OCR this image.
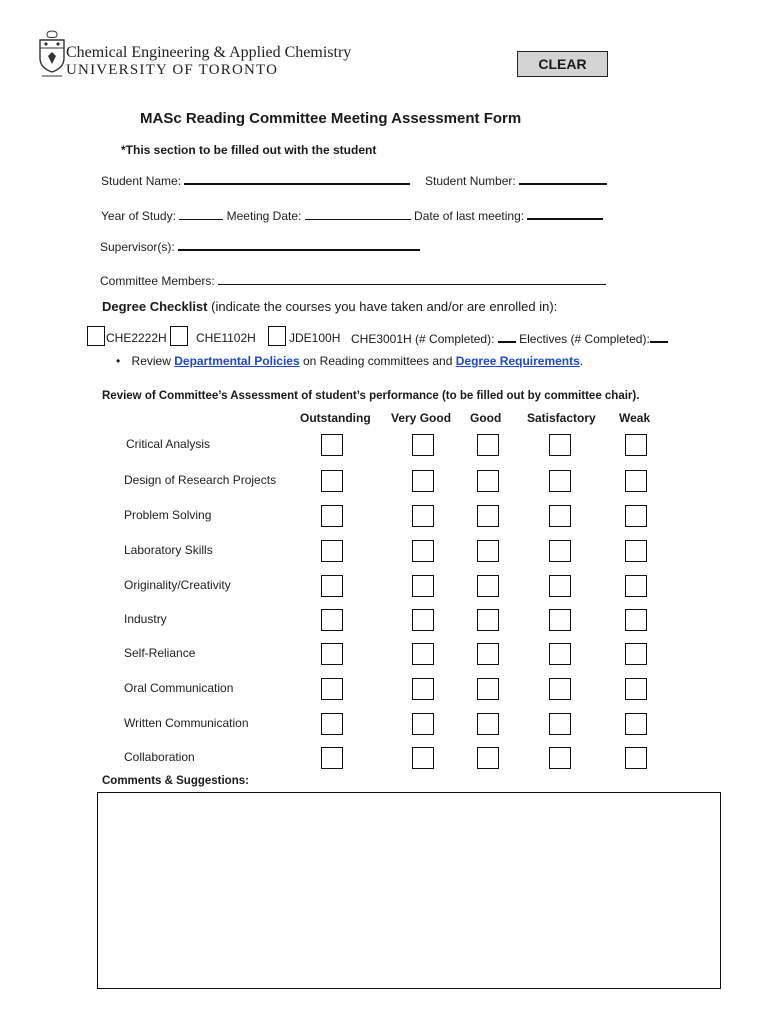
Chemical Engineering & Applied Chemistry
UNIVERSITY OF TORONTO	CLEAR
MASc Reading Committee Meeting Assessment Form
*This section to be filled out with the student
Student Name:	Student Number:
Year of Study:	Meeting Date:	Date of last meeting:
Supervisor(s):
Committee Members:
Degree Checklist (indicate the courses you have taken and/or are enrolled in):
CHE2222H CHE1102H	JDE100H CHE3001H (# Completed): Electives (# Completed):
• Review Departmental Policies on Reading committees and Degree Requirements.
Review of Committee’s Assessment of student’s performance (to be filled out by committee chair).
Outstanding Very Good Good Satisfactory Weak
Critical Analysis
Design of Research Projects
Problem Solving
Laboratory Skills
Originality/Creativity
Industry
Self-Reliance
Oral Communication
Written Communication
Collaboration
Comments & Suggestions:
